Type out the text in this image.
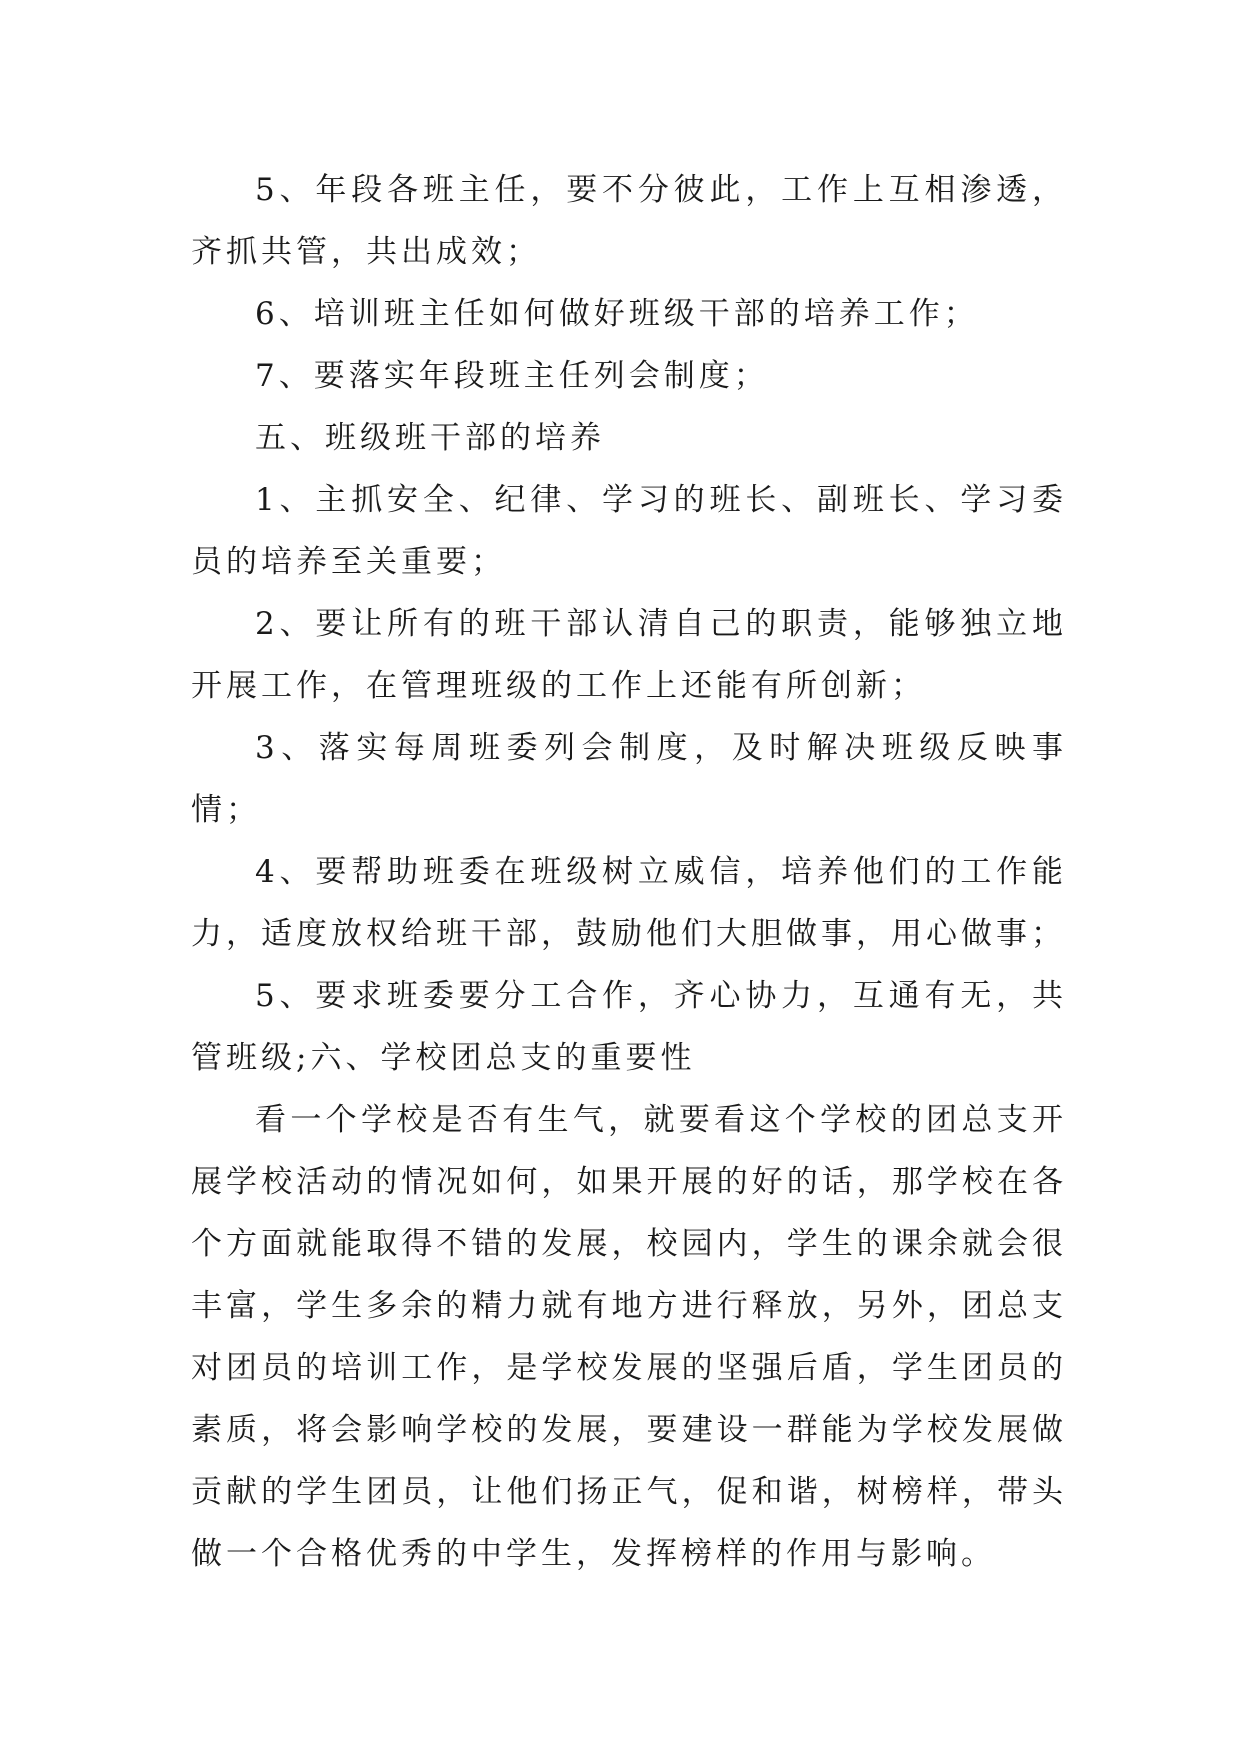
5、年段各班主任，要不分彼此，工作上互相渗透，齐抓共管，共出成效；

6、培训班主任如何做好班级干部的培养工作；

7、要落实年段班主任列会制度；

五、班级班干部的培养

1、主抓安全、纪律、学习的班长、副班长、学习委员的培养至关重要；

2、要让所有的班干部认清自己的职责，能够独立地开展工作，在管理班级的工作上还能有所创新；

3、落实每周班委列会制度，及时解决班级反映事情；

4、要帮助班委在班级树立威信，培养他们的工作能力，适度放权给班干部，鼓励他们大胆做事，用心做事；

5、要求班委要分工合作，齐心协力，互通有无，共管班级;六、学校团总支的重要性

看一个学校是否有生气，就要看这个学校的团总支开展学校活动的情况如何，如果开展的好的话，那学校在各个方面就能取得不错的发展，校园内，学生的课余就会很丰富，学生多余的精力就有地方进行释放，另外，团总支对团员的培训工作，是学校发展的坚强后盾，学生团员的素质，将会影响学校的发展，要建设一群能为学校发展做贡献的学生团员，让他们扬正气，促和谐，树榜样，带头做一个合格优秀的中学生，发挥榜样的作用与影响。
